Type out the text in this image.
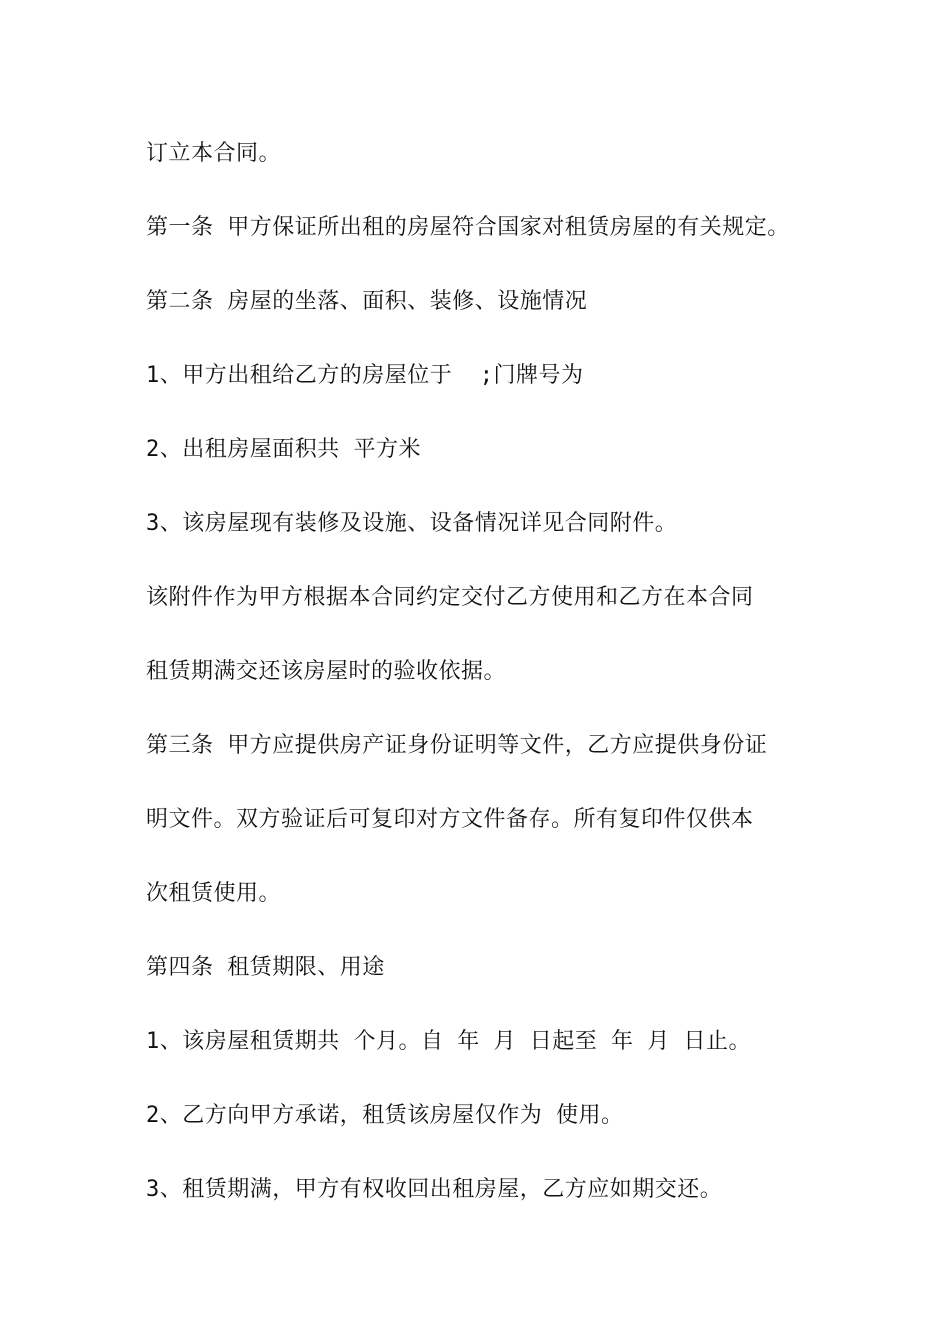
订立本合同。
第一条 甲方保证所出租的房屋符合国家对租赁房屋的有关规定。
第二条 房屋的坐落、面积、装修、设施情况
1、甲方出租给乙方的房屋位于  ;门牌号为
2、出租房屋面积共 平方米
3、该房屋现有装修及设施、设备情况详见合同附件。
该附件作为甲方根据本合同约定交付乙方使用和乙方在本合同
租赁期满交还该房屋时的验收依据。
第三条 甲方应提供房产证身份证明等文件，乙方应提供身份证
明文件。双方验证后可复印对方文件备存。所有复印件仅供本
次租赁使用。
第四条 租赁期限、用途
1、该房屋租赁期共 个月。自 年 月 日起至 年 月 日止。
2、乙方向甲方承诺，租赁该房屋仅作为 使用。
3、租赁期满，甲方有权收回出租房屋，乙方应如期交还。
